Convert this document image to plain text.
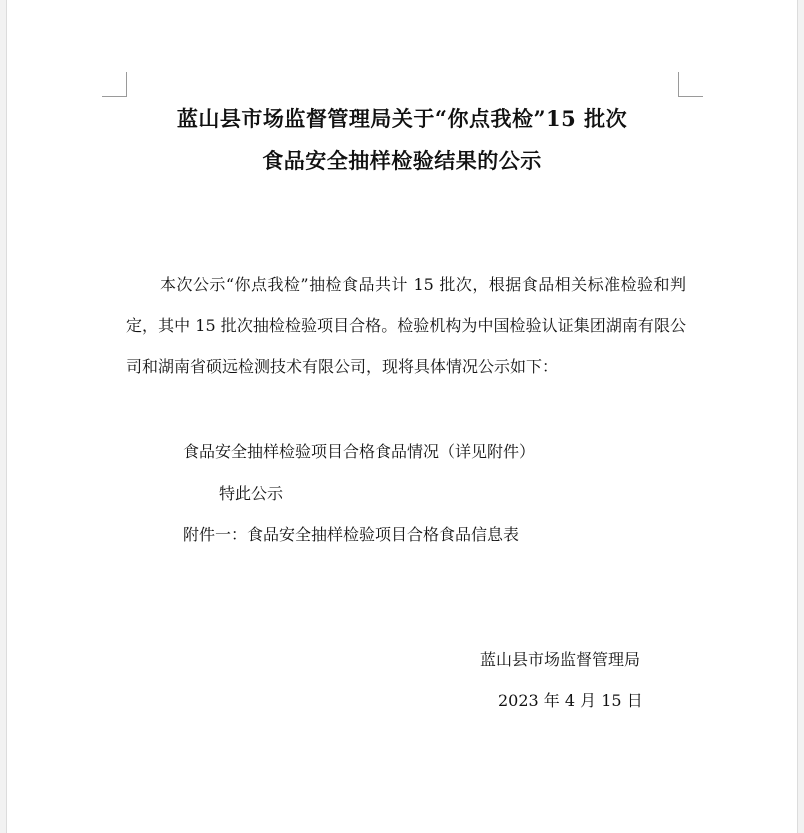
蓝山县市场监督管理局关于“你点我检”15 批次
食品安全抽样检验结果的公示
本次公示“你点我检”抽检食品共计 15 批次，根据食品相关标准检验和判定，其中 15 批次抽检检验项目合格。检验机构为中国检验认证集团湖南有限公司和湖南省硕远检测技术有限公司，现将具体情况公示如下：
食品安全抽样检验项目合格食品情况（详见附件）
特此公示
附件一：食品安全抽样检验项目合格食品信息表
蓝山县市场监督管理局
2023 年 4 月 15 日
